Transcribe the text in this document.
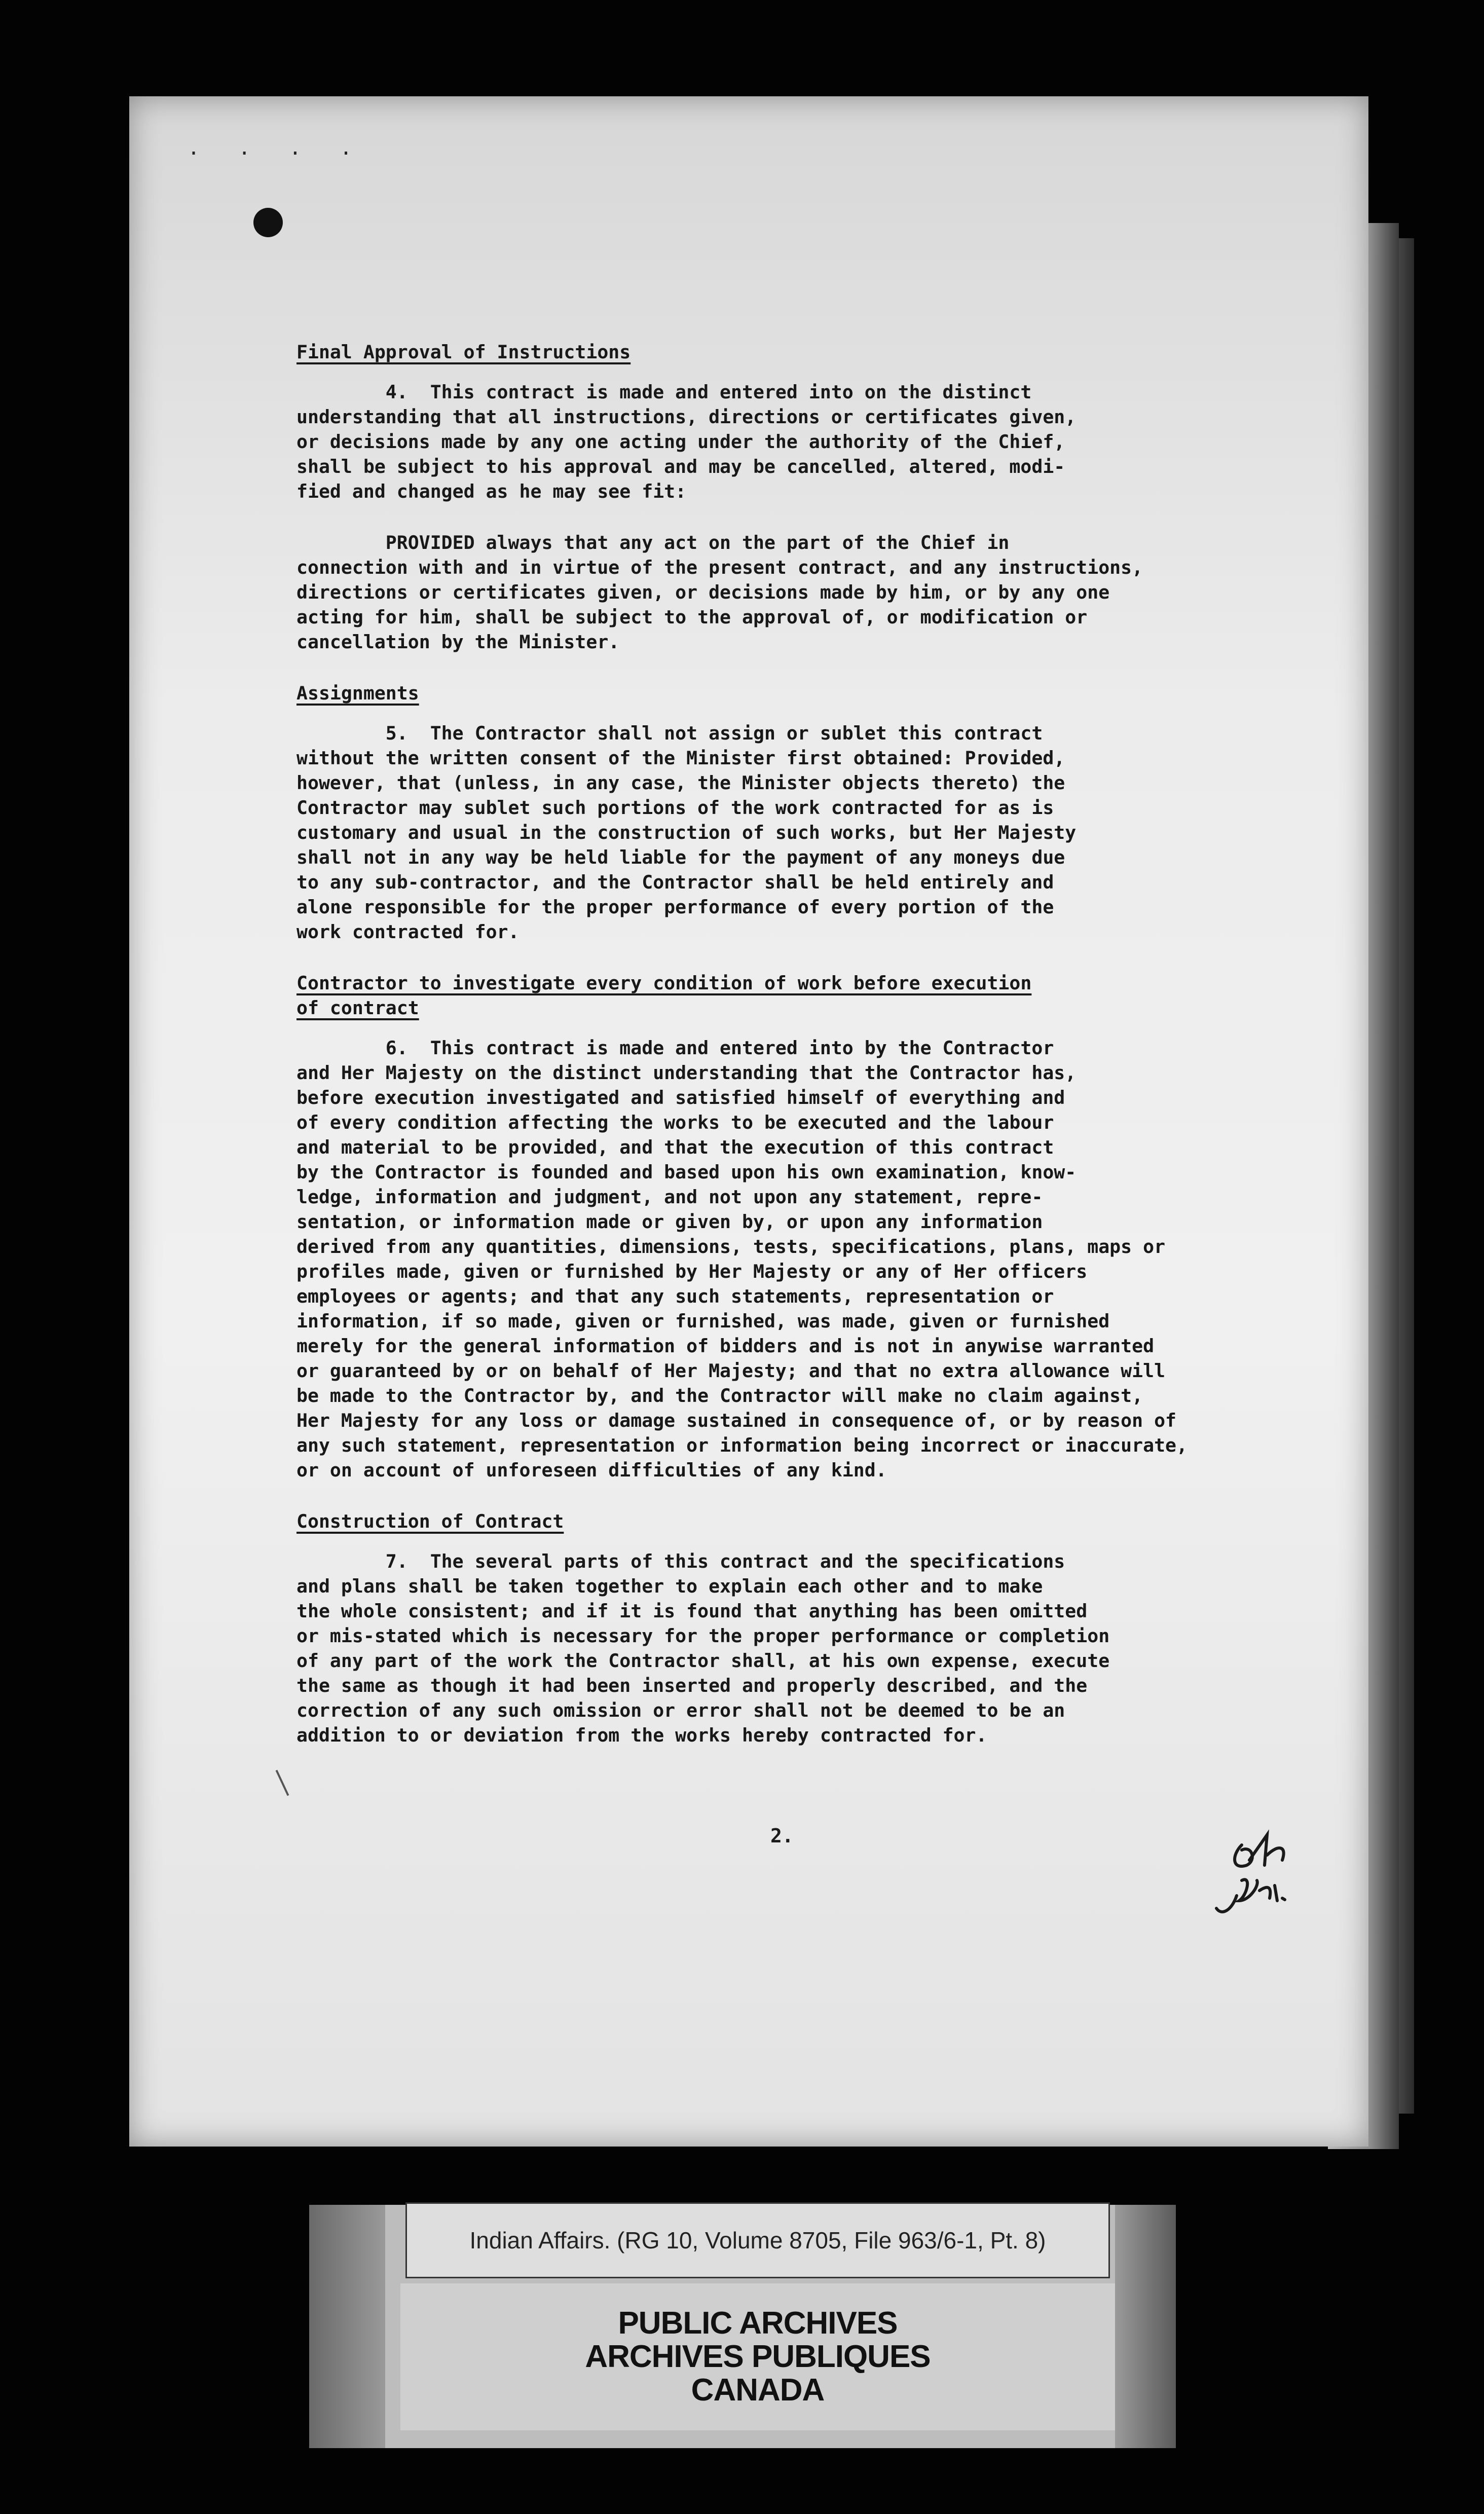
· · · ·
Final Approval of Instructions
4.  This contract is made and entered into on the distinct
understanding that all instructions, directions or certificates given,
or decisions made by any one acting under the authority of the Chief,
shall be subject to his approval and may be cancelled, altered, modi-
fied and changed as he may see fit:
PROVIDED always that any act on the part of the Chief in
connection with and in virtue of the present contract, and any instructions,
directions or certificates given, or decisions made by him, or by any one
acting for him, shall be subject to the approval of, or modification or
cancellation by the Minister.
Assignments
5.  The Contractor shall not assign or sublet this contract
without the written consent of the Minister first obtained: Provided,
however, that (unless, in any case, the Minister objects thereto) the
Contractor may sublet such portions of the work contracted for as is
customary and usual in the construction of such works, but Her Majesty
shall not in any way be held liable for the payment of any moneys due
to any sub-contractor, and the Contractor shall be held entirely and
alone responsible for the proper performance of every portion of the
work contracted for.
Contractor to investigate every condition of work before execution
of contract
6.  This contract is made and entered into by the Contractor
and Her Majesty on the distinct understanding that the Contractor has,
before execution investigated and satisfied himself of everything and
of every condition affecting the works to be executed and the labour
and material to be provided, and that the execution of this contract
by the Contractor is founded and based upon his own examination, know-
ledge, information and judgment, and not upon any statement, repre-
sentation, or information made or given by, or upon any information
derived from any quantities, dimensions, tests, specifications, plans, maps or
profiles made, given or furnished by Her Majesty or any of Her officers
employees or agents; and that any such statements, representation or
information, if so made, given or furnished, was made, given or furnished
merely for the general information of bidders and is not in anywise warranted
or guaranteed by or on behalf of Her Majesty; and that no extra allowance will
be made to the Contractor by, and the Contractor will make no claim against,
Her Majesty for any loss or damage sustained in consequence of, or by reason of
any such statement, representation or information being incorrect or inaccurate,
or on account of unforeseen difficulties of any kind.
Construction of Contract
7.  The several parts of this contract and the specifications
and plans shall be taken together to explain each other and to make
the whole consistent; and if it is found that anything has been omitted
or mis-stated which is necessary for the proper performance or completion
of any part of the work the Contractor shall, at his own expense, execute
the same as though it had been inserted and properly described, and the
correction of any such omission or error shall not be deemed to be an
addition to or deviation from the works hereby contracted for.
2.
Indian Affairs. (RG 10, Volume 8705, File 963/6-1, Pt. 8)
PUBLIC ARCHIVES
ARCHIVES PUBLIQUES
CANADA
